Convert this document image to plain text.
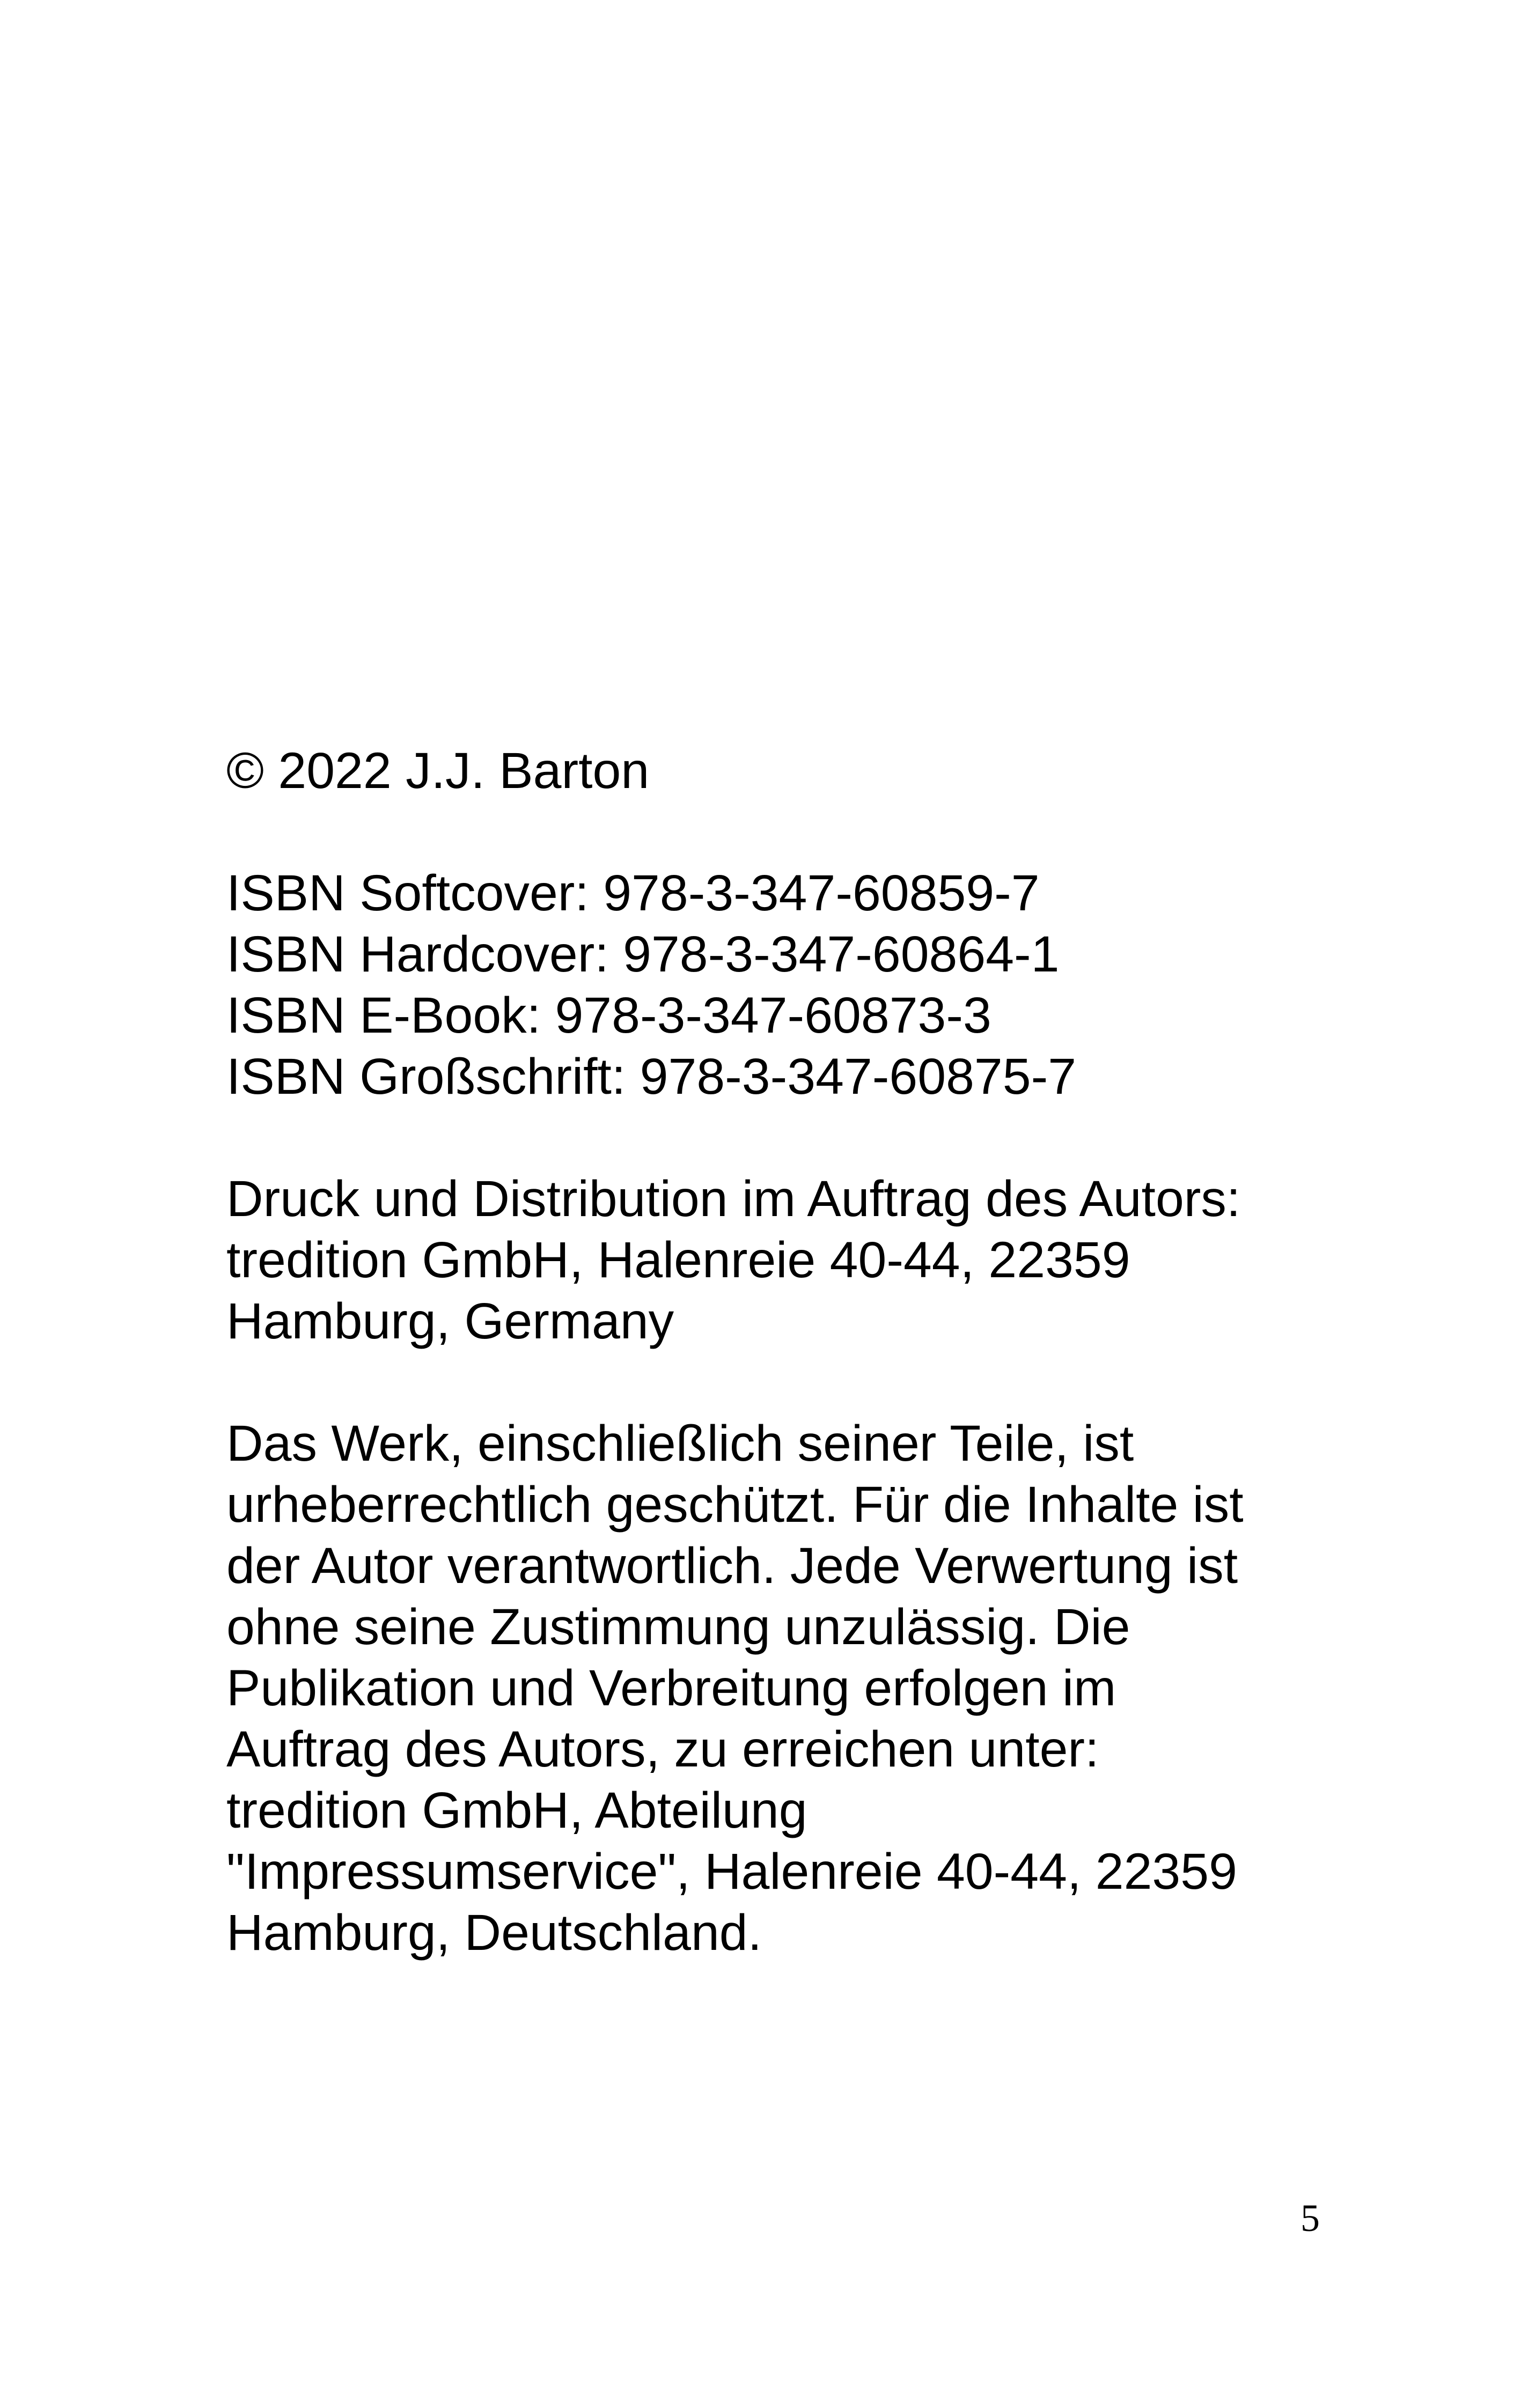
© 2022 J.J. Barton
ISBN Softcover: 978-3-347-60859-7
ISBN Hardcover: 978-3-347-60864-1
ISBN E-Book: 978-3-347-60873-3
ISBN Großschrift: 978-3-347-60875-7
Druck und Distribution im Auftrag des Autors:
tredition GmbH, Halenreie 40-44, 22359
Hamburg, Germany
Das Werk, einschließlich seiner Teile, ist
urheberrechtlich geschützt. Für die Inhalte ist
der Autor verantwortlich. Jede Verwertung ist
ohne seine Zustimmung unzulässig. Die
Publikation und Verbreitung erfolgen im
Auftrag des Autors, zu erreichen unter:
tredition GmbH, Abteilung
"Impressumservice", Halenreie 40-44, 22359
Hamburg, Deutschland.
5
